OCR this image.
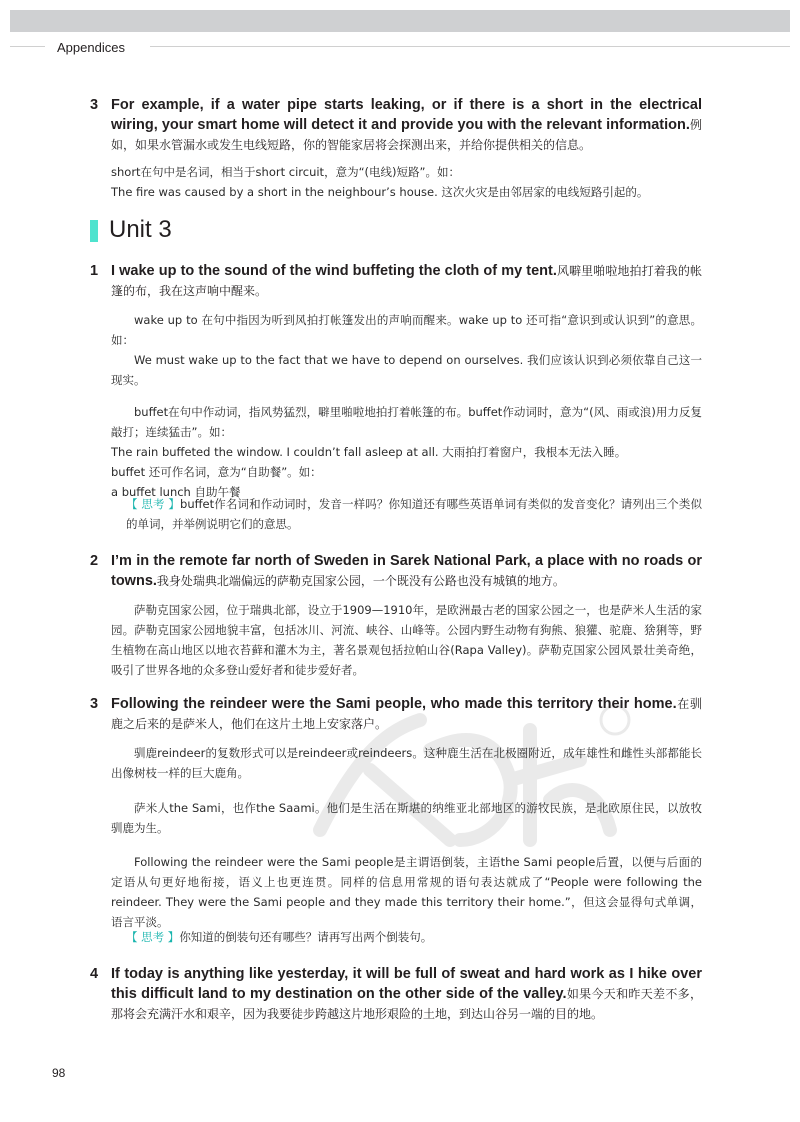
Appendices
3 For example, if a water pipe starts leaking, or if there is a short in the electrical wiring, your smart home will detect it and provide you with the relevant information.例如，如果水管漏水或发生电线短路，你的智能家居将会探测出来，并给你提供相关的信息。
short在句中是名词，相当于short circuit，意为“(电线)短路”。如：
The fire was caused by a short in the neighbour’s house. 这次火灾是由邻居家的电线短路引起的。
Unit 3
1 I wake up to the sound of the wind buffeting the cloth of my tent.风噼里啪啦地拍打着我的帐篷的布，我在这声响中醒来。
wake up to 在句中指因为听到风拍打帐篷发出的声响而醒来。wake up to 还可指“意识到或认识到”的意思。如：
We must wake up to the fact that we have to depend on ourselves. 我们应该认识到必须依靠自己这一现实。
buffet在句中作动词，指风势猛烈，噼里啪啦地拍打着帐篷的布。buffet作动词时，意为“(风、雨或浪)用力反复敲打；连续猛击”。如：
The rain buffeted the window. I couldn’t fall asleep at all. 大雨拍打着窗户，我根本无法入睡。
buffet 还可作名词，意为“自助餐”。如：
a buffet lunch 自助午餐
【 思考 】buffet作名词和作动词时，发音一样吗？你知道还有哪些英语单词有类似的发音变化？请列出三个类似的单词，并举例说明它们的意思。
2 I’m in the remote far north of Sweden in Sarek National Park, a place with no roads or towns.我身处瑞典北端偏远的萨勒克国家公园，一个既没有公路也没有城镇的地方。
萨勒克国家公园，位于瑞典北部，设立于1909—1910年，是欧洲最古老的国家公园之一，也是萨米人生活的家园。萨勒克国家公园地貌丰富，包括冰川、河流、峡谷、山峰等。公园内野生动物有狗熊、狼獾、驼鹿、猞猁等，野生植物在高山地区以地衣苔藓和灌木为主，著名景观包括拉帕山谷(Rapa Valley)。萨勒克国家公园风景壮美奇绝，吸引了世界各地的众多登山爱好者和徒步爱好者。
3 Following the reindeer were the Sami people, who made this territory their home.在驯鹿之后来的是萨米人，他们在这片土地上安家落户。
驯鹿reindeer的复数形式可以是reindeer或reindeers。这种鹿生活在北极圈附近，成年雄性和雌性头部都能长出像树枝一样的巨大鹿角。
萨米人the Sami，也作the Saami。他们是生活在斯堪的纳维亚北部地区的游牧民族，是北欧原住民，以放牧驯鹿为生。
Following the reindeer were the Sami people是主谓语倒装，主语the Sami people后置，以便与后面的定语从句更好地衔接，语义上也更连贯。同样的信息用常规的语句表达就成了“People were following the reindeer. They were the Sami people and they made this territory their home.”，但这会显得句式单调，语言平淡。
【 思考 】你知道的倒装句还有哪些？请再写出两个倒装句。
4 If today is anything like yesterday, it will be full of sweat and hard work as I hike over this difficult land to my destination on the other side of the valley.如果今天和昨天差不多，那将会充满汗水和艰辛，因为我要徒步跨越这片地形艰险的土地，到达山谷另一端的目的地。
98
